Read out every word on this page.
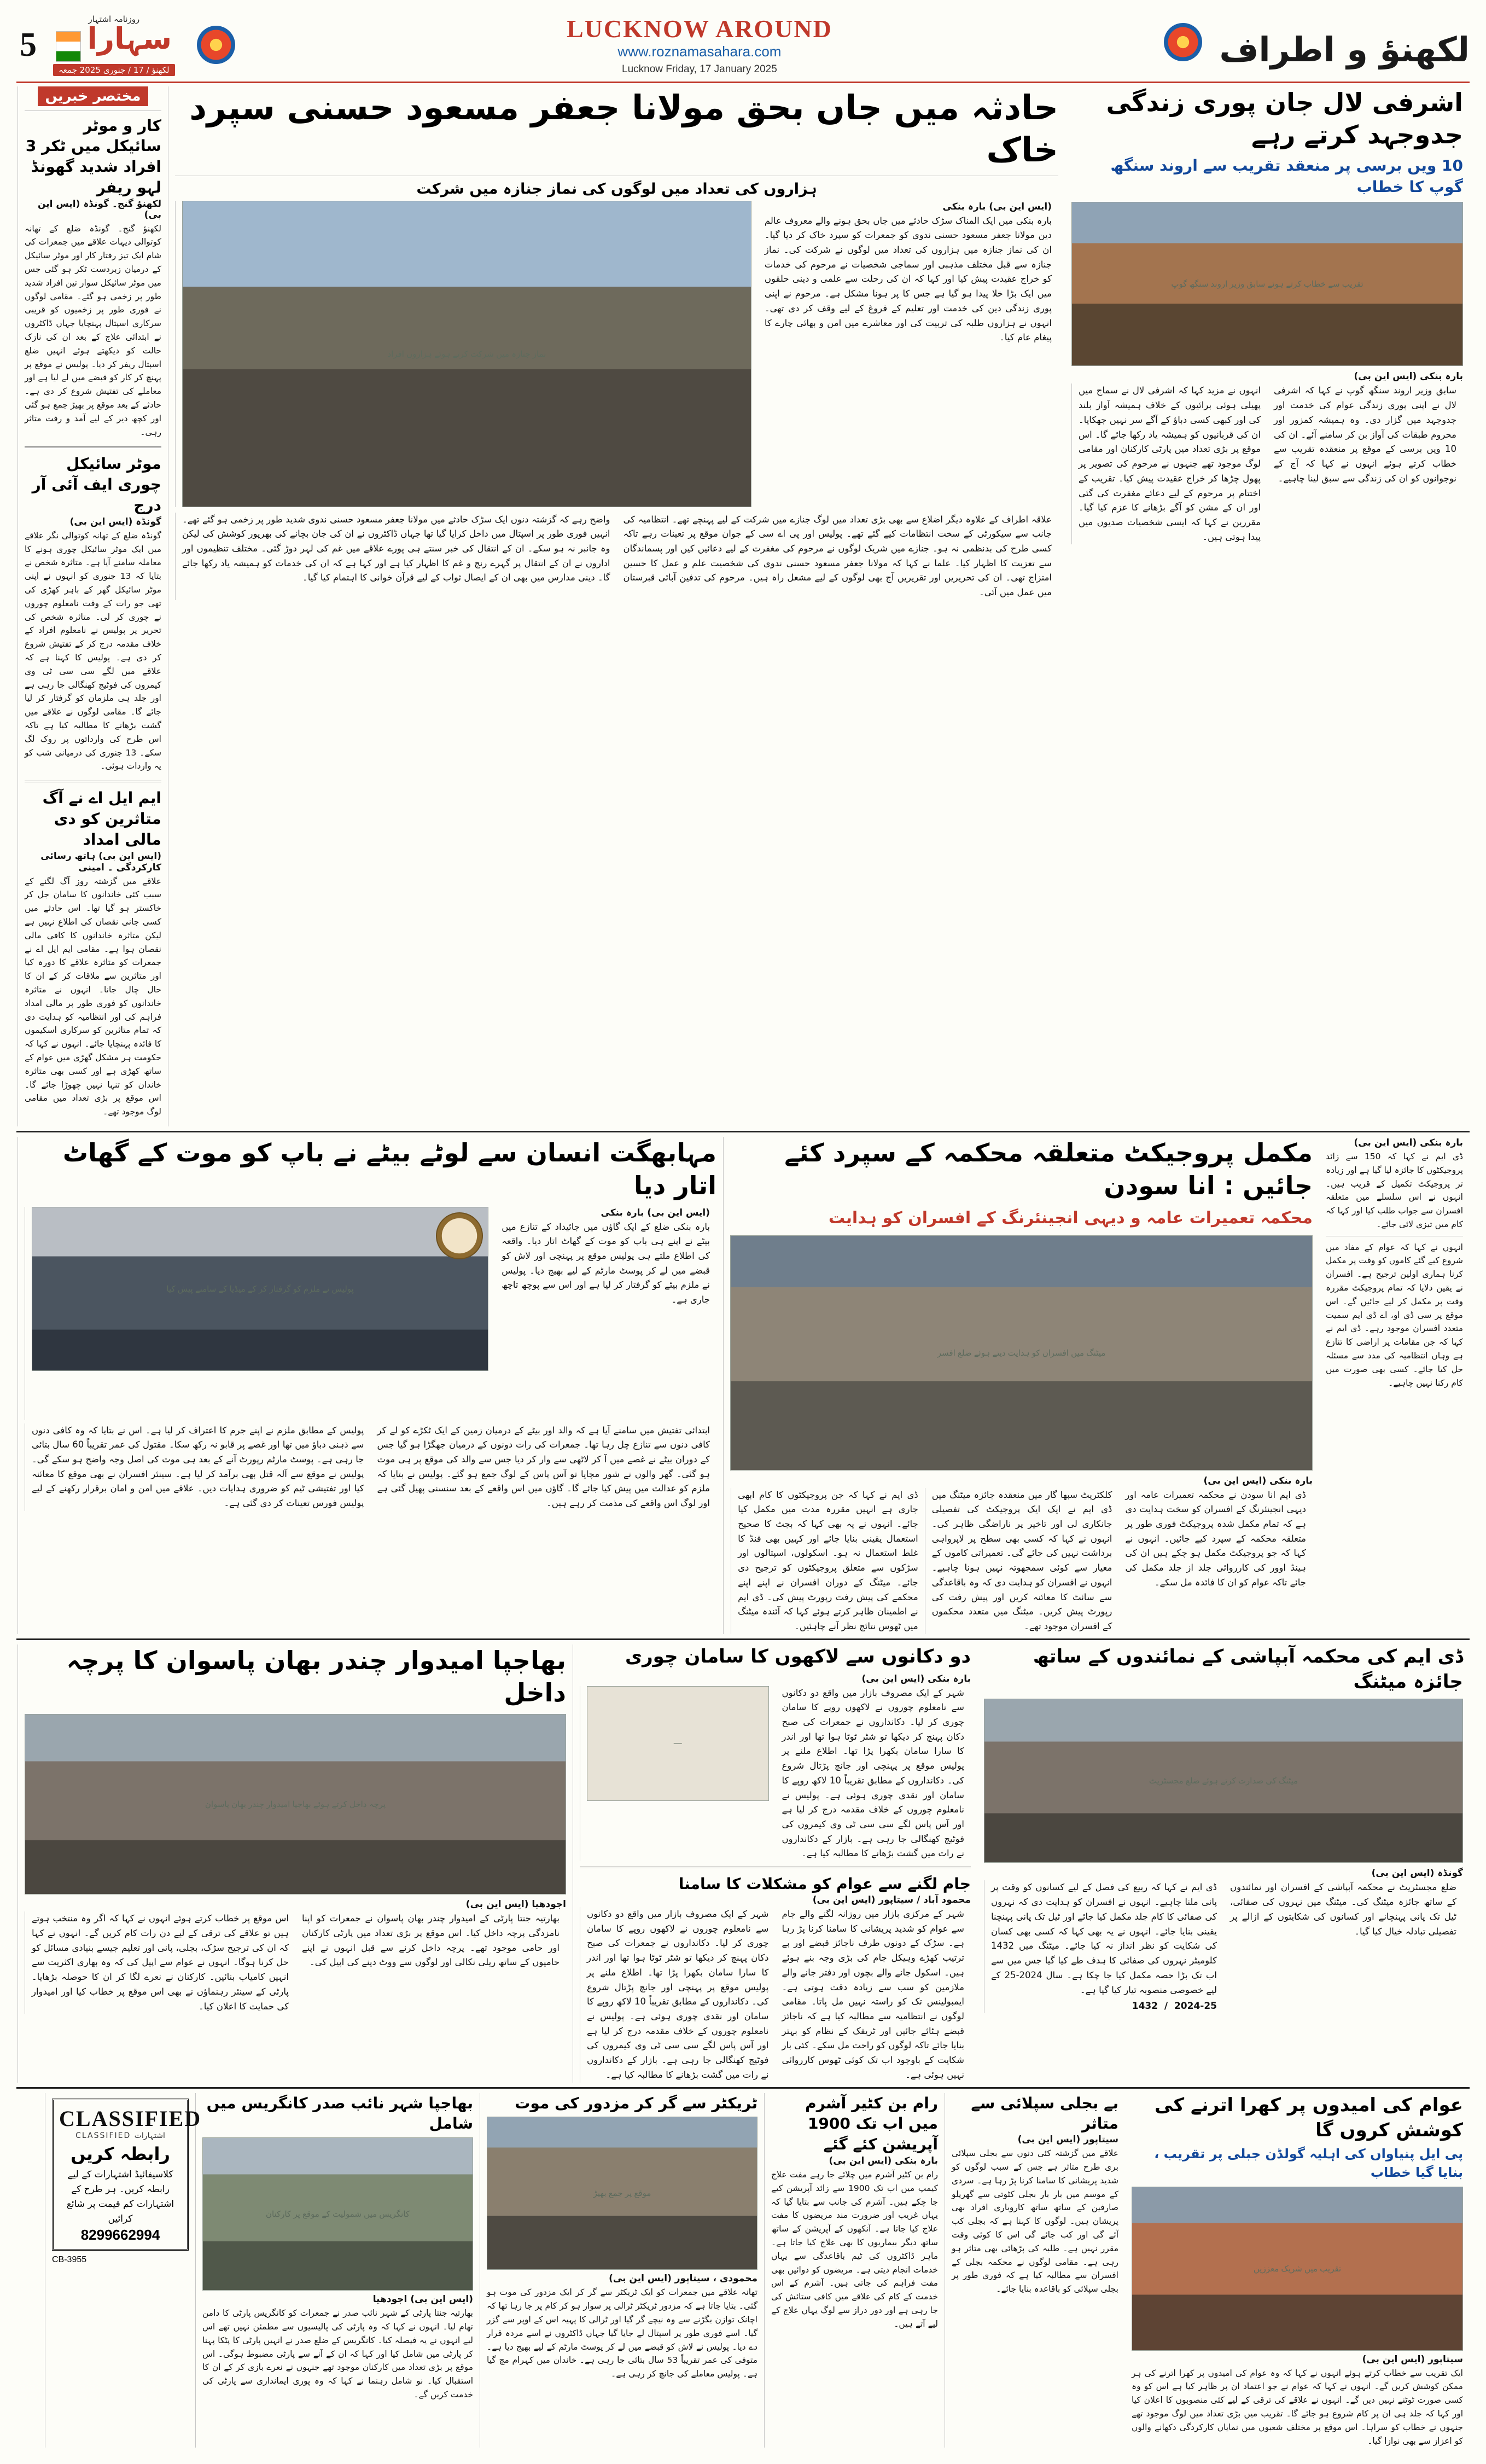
5
روزنامہ اشتہار
سہارا
لکھنؤ / 17 / جنوری 2025 جمعہ
LUCKNOW AROUND
www.roznamasahara.com
Lucknow Friday, 17 January 2025	لکھنؤ و اطراف
اشرفی لال جان پوری زندگی جدوجہد کرتے رہے
10 ویں برسی پر منعقد تقریب سے اروند سنگھ گوپ کا خطاب
تقریب سے خطاب کرتے ہوئے سابق وزیر اروند سنگھ گوپ
بارہ بنکی (ایس این بی)
سابق وزیر اروند سنگھ گوپ نے کہا کہ اشرفی لال نے اپنی پوری زندگی عوام کی خدمت اور جدوجہد میں گزار دی۔ وہ ہمیشہ کمزور اور محروم طبقات کی آواز بن کر سامنے آئے۔ ان کی 10 ویں برسی کے موقع پر منعقدہ تقریب سے خطاب کرتے ہوئے انہوں نے کہا کہ آج کے نوجوانوں کو ان کی زندگی سے سبق لینا چاہیے۔
انہوں نے مزید کہا کہ اشرفی لال نے سماج میں پھیلی ہوئی برائیوں کے خلاف ہمیشہ آواز بلند کی اور کبھی کسی دباؤ کے آگے سر نہیں جھکایا۔ ان کی قربانیوں کو ہمیشہ یاد رکھا جائے گا۔ اس موقع پر بڑی تعداد میں پارٹی کارکنان اور مقامی لوگ موجود تھے جنہوں نے مرحوم کی تصویر پر پھول چڑھا کر خراج عقیدت پیش کیا۔ تقریب کے اختتام پر مرحوم کے لیے دعائے مغفرت کی گئی اور ان کے مشن کو آگے بڑھانے کا عزم کیا گیا۔ مقررین نے کہا کہ ایسی شخصیات صدیوں میں پیدا ہوتی ہیں۔
حادثہ میں جاں بحق مولانا جعفر مسعود حسنی سپرد خاک
ہزاروں کی تعداد میں لوگوں کی نماز جنازہ میں شرکت
(ایس این بی) بارہ بنکی
بارہ بنکی میں ایک المناک سڑک حادثے میں جاں بحق ہونے والے معروف عالم دین مولانا جعفر مسعود حسنی ندوی کو جمعرات کو سپرد خاک کر دیا گیا۔ ان کی نماز جنازہ میں ہزاروں کی تعداد میں لوگوں نے شرکت کی۔ نماز جنازہ سے قبل مختلف مذہبی اور سماجی شخصیات نے مرحوم کی خدمات کو خراج عقیدت پیش کیا اور کہا کہ ان کی رحلت سے علمی و دینی حلقوں میں ایک بڑا خلا پیدا ہو گیا ہے جس کا پر ہونا مشکل ہے۔ مرحوم نے اپنی پوری زندگی دین کی خدمت اور تعلیم کے فروغ کے لیے وقف کر دی تھی۔ انہوں نے ہزاروں طلبہ کی تربیت کی اور معاشرے میں امن و بھائی چارے کا پیغام عام کیا۔
نماز جنازہ میں شرکت کرتے ہوئے ہزاروں افراد
علاقہ اطراف کے علاوہ دیگر اضلاع سے بھی بڑی تعداد میں لوگ جنازے میں شرکت کے لیے پہنچے تھے۔ انتظامیہ کی جانب سے سیکورٹی کے سخت انتظامات کیے گئے تھے۔ پولیس اور پی اے سی کے جوان موقع پر تعینات رہے تاکہ کسی طرح کی بدنظمی نہ ہو۔ جنازے میں شریک لوگوں نے مرحوم کی مغفرت کے لیے دعائیں کیں اور پسماندگان سے تعزیت کا اظہار کیا۔ علما نے کہا کہ مولانا جعفر مسعود حسنی ندوی کی شخصیت علم و عمل کا حسین امتزاج تھی۔ ان کی تحریریں اور تقریریں آج بھی لوگوں کے لیے مشعل راہ ہیں۔ مرحوم کی تدفین آبائی قبرستان میں عمل میں آئی۔
واضح رہے کہ گزشتہ دنوں ایک سڑک حادثے میں مولانا جعفر مسعود حسنی ندوی شدید طور پر زخمی ہو گئے تھے۔ انہیں فوری طور پر اسپتال میں داخل کرایا گیا تھا جہاں ڈاکٹروں نے ان کی جان بچانے کی بھرپور کوشش کی لیکن وہ جانبر نہ ہو سکے۔ ان کے انتقال کی خبر سنتے ہی پورے علاقے میں غم کی لہر دوڑ گئی۔ مختلف تنظیموں اور اداروں نے ان کے انتقال پر گہرے رنج و غم کا اظہار کیا ہے اور کہا ہے کہ ان کی خدمات کو ہمیشہ یاد رکھا جائے گا۔ دینی مدارس میں بھی ان کے ایصال ثواب کے لیے قرآن خوانی کا اہتمام کیا گیا۔
مختصر خبریں
کار و موٹر سائیکل میں ٹکر 3 افراد شدید گھونڈ لہو ریفر
لکھنؤ گنج۔ گونڈہ (ایس این بی)
لکھنؤ گنج۔ گونڈہ ضلع کے تھانہ کوتوالی دیہات علاقے میں جمعرات کی شام ایک تیز رفتار کار اور موٹر سائیکل کے درمیان زبردست ٹکر ہو گئی جس میں موٹر سائیکل سوار تین افراد شدید طور پر زخمی ہو گئے۔ مقامی لوگوں نے فوری طور پر زخمیوں کو قریبی سرکاری اسپتال پہنچایا جہاں ڈاکٹروں نے ابتدائی علاج کے بعد ان کی نازک حالت کو دیکھتے ہوئے انہیں ضلع اسپتال ریفر کر دیا۔ پولیس نے موقع پر پہنچ کر کار کو قبضے میں لے لیا ہے اور معاملے کی تفتیش شروع کر دی ہے۔ حادثے کے بعد موقع پر بھیڑ جمع ہو گئی اور کچھ دیر کے لیے آمد و رفت متاثر رہی۔
موٹر سائیکل چوری ایف آئی آر درج
گونڈہ (ایس این بی)
گونڈہ ضلع کے تھانہ کوتوالی نگر علاقے میں ایک موٹر سائیکل چوری ہونے کا معاملہ سامنے آیا ہے۔ متاثرہ شخص نے بتایا کہ 13 جنوری کو انہوں نے اپنی موٹر سائیکل گھر کے باہر کھڑی کی تھی جو رات کے وقت نامعلوم چوروں نے چوری کر لی۔ متاثرہ شخص کی تحریر پر پولیس نے نامعلوم افراد کے خلاف مقدمہ درج کر کے تفتیش شروع کر دی ہے۔ پولیس کا کہنا ہے کہ علاقے میں لگے سی سی ٹی وی کیمروں کی فوٹیج کھنگالی جا رہی ہے اور جلد ہی ملزمان کو گرفتار کر لیا جائے گا۔ مقامی لوگوں نے علاقے میں گشت بڑھانے کا مطالبہ کیا ہے تاکہ اس طرح کی وارداتوں پر روک لگ سکے۔ 13 جنوری کی درمیانی شب کو یہ واردات ہوئی۔
ایم ایل اے نے آگ متاثرین کو دی مالی امداد
(ایس این بی) ہاتھ رسائی کارکردگی ۔ امینی
علاقے میں گزشتہ روز آگ لگنے کے سبب کئی خاندانوں کا سامان جل کر خاکستر ہو گیا تھا۔ اس حادثے میں کسی جانی نقصان کی اطلاع نہیں ہے لیکن متاثرہ خاندانوں کا کافی مالی نقصان ہوا ہے۔ مقامی ایم ایل اے نے جمعرات کو متاثرہ علاقے کا دورہ کیا اور متاثرین سے ملاقات کر کے ان کا حال چال جانا۔ انہوں نے متاثرہ خاندانوں کو فوری طور پر مالی امداد فراہم کی اور انتظامیہ کو ہدایت دی کہ تمام متاثرین کو سرکاری اسکیموں کا فائدہ پہنچایا جائے۔ انہوں نے کہا کہ حکومت ہر مشکل گھڑی میں عوام کے ساتھ کھڑی ہے اور کسی بھی متاثرہ خاندان کو تنہا نہیں چھوڑا جائے گا۔ اس موقع پر بڑی تعداد میں مقامی لوگ موجود تھے۔
بارہ بنکی (ایس این بی)
ڈی ایم نے کہا کہ 150 سے زائد پروجیکٹوں کا جائزہ لیا گیا ہے اور زیادہ تر پروجیکٹ تکمیل کے قریب ہیں۔ انہوں نے اس سلسلے میں متعلقہ افسران سے جواب طلب کیا اور کہا کہ کام میں تیزی لائی جائے۔
انہوں نے کہا کہ عوام کے مفاد میں شروع کیے گئے کاموں کو وقت پر مکمل کرنا ہماری اولین ترجیح ہے۔ افسران نے یقین دلایا کہ تمام پروجیکٹ مقررہ وقت پر مکمل کر لیے جائیں گے۔ اس موقع پر سی ڈی او، اے ڈی ایم سمیت متعدد افسران موجود رہے۔ ڈی ایم نے کہا کہ جن مقامات پر اراضی کا تنازع ہے وہاں انتظامیہ کی مدد سے مسئلہ حل کیا جائے۔ کسی بھی صورت میں کام رکنا نہیں چاہیے۔
مکمل پروجیکٹ متعلقہ محکمہ کے سپرد کئے جائیں : انا سودن
محکمہ تعمیرات عامہ و دیہی انجینئرنگ کے افسران کو ہدایت
میٹنگ میں افسران کو ہدایت دیتے ہوئے ضلع افسر
بارہ بنکی (ایس این بی)
ڈی ایم انا سودن نے محکمہ تعمیرات عامہ اور دیہی انجینئرنگ کے افسران کو سخت ہدایت دی ہے کہ تمام مکمل شدہ پروجیکٹ فوری طور پر متعلقہ محکمہ کے سپرد کیے جائیں۔ انہوں نے کہا کہ جو پروجیکٹ مکمل ہو چکے ہیں ان کی ہینڈ اوور کی کارروائی جلد از جلد مکمل کی جائے تاکہ عوام کو ان کا فائدہ مل سکے۔
کلکٹریٹ سبھا گار میں منعقدہ جائزہ میٹنگ میں ڈی ایم نے ایک ایک پروجیکٹ کی تفصیلی جانکاری لی اور تاخیر پر ناراضگی ظاہر کی۔ انہوں نے کہا کہ کسی بھی سطح پر لاپرواہی برداشت نہیں کی جائے گی۔ تعمیراتی کاموں کے معیار سے کوئی سمجھوتہ نہیں ہونا چاہیے۔ انہوں نے افسران کو ہدایت دی کہ وہ باقاعدگی سے سائٹ کا معائنہ کریں اور پیش رفت کی رپورٹ پیش کریں۔ میٹنگ میں متعدد محکموں کے افسران موجود تھے۔
ڈی ایم نے کہا کہ جن پروجیکٹوں کا کام ابھی جاری ہے انہیں مقررہ مدت میں مکمل کیا جائے۔ انہوں نے یہ بھی کہا کہ بجٹ کا صحیح استعمال یقینی بنایا جائے اور کہیں بھی فنڈ کا غلط استعمال نہ ہو۔ اسکولوں، اسپتالوں اور سڑکوں سے متعلق پروجیکٹوں کو ترجیح دی جائے۔ میٹنگ کے دوران افسران نے اپنے اپنے محکمے کی پیش رفت رپورٹ پیش کی۔ ڈی ایم نے اطمینان ظاہر کرتے ہوئے کہا کہ آئندہ میٹنگ میں ٹھوس نتائج نظر آنے چاہئیں۔
مہابھگت انسان سے لوٹے بیٹے نے باپ کو موت کے گھاٹ اتار دیا
(ایس این بی) بارہ بنکی
بارہ بنکی ضلع کے ایک گاؤں میں جائیداد کے تنازع میں بیٹے نے اپنے ہی باپ کو موت کے گھاٹ اتار دیا۔ واقعہ کی اطلاع ملتے ہی پولیس موقع پر پہنچی اور لاش کو قبضے میں لے کر پوسٹ مارٹم کے لیے بھیج دیا۔ پولیس نے ملزم بیٹے کو گرفتار کر لیا ہے اور اس سے پوچھ تاچھ جاری ہے۔
پولیس نے ملزم کو گرفتار کر کے میڈیا کے سامنے پیش کیا
ابتدائی تفتیش میں سامنے آیا ہے کہ والد اور بیٹے کے درمیان زمین کے ایک ٹکڑے کو لے کر کافی دنوں سے تنازع چل رہا تھا۔ جمعرات کی رات دونوں کے درمیان جھگڑا ہو گیا جس کے دوران بیٹے نے غصے میں آ کر لاٹھی سے وار کر دیا جس سے والد کی موقع پر ہی موت ہو گئی۔ گھر والوں نے شور مچایا تو آس پاس کے لوگ جمع ہو گئے۔ پولیس نے بتایا کہ ملزم کو عدالت میں پیش کیا جائے گا۔ گاؤں میں اس واقعے کے بعد سنسنی پھیل گئی ہے اور لوگ اس واقعے کی مذمت کر رہے ہیں۔
پولیس کے مطابق ملزم نے اپنے جرم کا اعتراف کر لیا ہے۔ اس نے بتایا کہ وہ کافی دنوں سے ذہنی دباؤ میں تھا اور غصے پر قابو نہ رکھ سکا۔ مقتول کی عمر تقریباً 60 سال بتائی جا رہی ہے۔ پوسٹ مارٹم رپورٹ آنے کے بعد ہی موت کی اصل وجہ واضح ہو سکے گی۔ پولیس نے موقع سے آلہ قتل بھی برآمد کر لیا ہے۔ سینئر افسران نے بھی موقع کا معائنہ کیا اور تفتیشی ٹیم کو ضروری ہدایات دیں۔ علاقے میں امن و امان برقرار رکھنے کے لیے پولیس فورس تعینات کر دی گئی ہے۔
ڈی ایم کی محکمہ آبپاشی کے نمائندوں کے ساتھ جائزہ میٹنگ
میٹنگ کی صدارت کرتے ہوئے ضلع مجسٹریٹ
گونڈہ (ایس این بی)
ضلع مجسٹریٹ نے محکمہ آبپاشی کے افسران اور نمائندوں کے ساتھ جائزہ میٹنگ کی۔ میٹنگ میں نہروں کی صفائی، ٹیل تک پانی پہنچانے اور کسانوں کی شکایتوں کے ازالے پر تفصیلی تبادلہ خیال کیا گیا۔
ڈی ایم نے کہا کہ ربیع کی فصل کے لیے کسانوں کو وقت پر پانی ملنا چاہیے۔ انہوں نے افسران کو ہدایت دی کہ نہروں کی صفائی کا کام جلد مکمل کیا جائے اور ٹیل تک پانی پہنچنا یقینی بنایا جائے۔ انہوں نے یہ بھی کہا کہ کسی بھی کسان کی شکایت کو نظر انداز نہ کیا جائے۔ میٹنگ میں 1432 کلومیٹر نہروں کی صفائی کا ہدف طے کیا گیا جس میں سے اب تک بڑا حصہ مکمل کیا جا چکا ہے۔ سال 2024-25 کے لیے خصوصی منصوبہ تیار کیا گیا ہے۔
2024-25  /  1432
دو دکانوں سے لاکھوں کا سامان چوری
بارہ بنکی (ایس این بی)
شہر کے ایک مصروف بازار میں واقع دو دکانوں سے نامعلوم چوروں نے لاکھوں روپے کا سامان چوری کر لیا۔ دکانداروں نے جمعرات کی صبح دکان پہنچ کر دیکھا تو شٹر ٹوٹا ہوا تھا اور اندر کا سارا سامان بکھرا پڑا تھا۔ اطلاع ملنے پر پولیس موقع پر پہنچی اور جانچ پڑتال شروع کی۔ دکانداروں کے مطابق تقریباً 10 لاکھ روپے کا سامان اور نقدی چوری ہوئی ہے۔ پولیس نے نامعلوم چوروں کے خلاف مقدمہ درج کر لیا ہے اور آس پاس لگے سی سی ٹی وی کیمروں کی فوٹیج کھنگالی جا رہی ہے۔ بازار کے دکانداروں نے رات میں گشت بڑھانے کا مطالبہ کیا ہے۔
—
جام لگنے سے عوام کو مشکلات کا سامنا
محمود آباد / سیتاپور (ایس این بی)
شہر کے مرکزی بازار میں روزانہ لگنے والے جام سے عوام کو شدید پریشانی کا سامنا کرنا پڑ رہا ہے۔ سڑک کے دونوں طرف ناجائز قبضے اور بے ترتیب کھڑے وہیکل جام کی بڑی وجہ بنے ہوئے ہیں۔ اسکول جانے والے بچوں اور دفتر جانے والے ملازمین کو سب سے زیادہ دقت ہوتی ہے۔ ایمبولینس تک کو راستہ نہیں مل پاتا۔ مقامی لوگوں نے انتظامیہ سے مطالبہ کیا ہے کہ ناجائز قبضے ہٹائے جائیں اور ٹریفک کے نظام کو بہتر بنایا جائے تاکہ لوگوں کو راحت مل سکے۔ کئی بار شکایت کے باوجود اب تک کوئی ٹھوس کارروائی نہیں ہوئی ہے۔
شہر کے ایک مصروف بازار میں واقع دو دکانوں سے نامعلوم چوروں نے لاکھوں روپے کا سامان چوری کر لیا۔ دکانداروں نے جمعرات کی صبح دکان پہنچ کر دیکھا تو شٹر ٹوٹا ہوا تھا اور اندر کا سارا سامان بکھرا پڑا تھا۔ اطلاع ملنے پر پولیس موقع پر پہنچی اور جانچ پڑتال شروع کی۔ دکانداروں کے مطابق تقریباً 10 لاکھ روپے کا سامان اور نقدی چوری ہوئی ہے۔ پولیس نے نامعلوم چوروں کے خلاف مقدمہ درج کر لیا ہے اور آس پاس لگے سی سی ٹی وی کیمروں کی فوٹیج کھنگالی جا رہی ہے۔ بازار کے دکانداروں نے رات میں گشت بڑھانے کا مطالبہ کیا ہے۔
بھاجپا امیدوار چندر بھان پاسوان کا پرچہ داخل
پرچہ داخل کرتے ہوئے بھاجپا امیدوار چندر بھان پاسوان
اجودھیا (ایس این بی)
بھارتیہ جنتا پارٹی کے امیدوار چندر بھان پاسوان نے جمعرات کو اپنا نامزدگی پرچہ داخل کیا۔ اس موقع پر بڑی تعداد میں پارٹی کارکنان اور حامی موجود تھے۔ پرچہ داخل کرنے سے قبل انہوں نے اپنے حامیوں کے ساتھ ریلی نکالی اور لوگوں سے ووٹ دینے کی اپیل کی۔
اس موقع پر خطاب کرتے ہوئے انہوں نے کہا کہ اگر وہ منتخب ہوتے ہیں تو علاقے کی ترقی کے لیے دن رات کام کریں گے۔ انہوں نے کہا کہ ان کی ترجیح سڑک، بجلی، پانی اور تعلیم جیسے بنیادی مسائل کو حل کرنا ہوگا۔ انہوں نے عوام سے اپیل کی کہ وہ بھاری اکثریت سے انہیں کامیاب بنائیں۔ کارکنان نے نعرے لگا کر ان کا حوصلہ بڑھایا۔ پارٹی کے سینئر رہنماؤں نے بھی اس موقع پر خطاب کیا اور امیدوار کی حمایت کا اعلان کیا۔
عوام کی امیدوں پر کھرا اترنے کی کوشش کروں گا
پی ایل پنیاواں کی اہلیہ گولڈن جبلی پر تقریب ، بنایا گیا خطاب
تقریب میں شریک معززین
سیتاپور (ایس این بی)
ایک تقریب سے خطاب کرتے ہوئے انہوں نے کہا کہ وہ عوام کی امیدوں پر کھرا اترنے کی ہر ممکن کوشش کریں گے۔ انہوں نے کہا کہ عوام نے جو اعتماد ان پر ظاہر کیا ہے اس کو وہ کسی صورت ٹوٹنے نہیں دیں گے۔ انہوں نے علاقے کی ترقی کے لیے کئی منصوبوں کا اعلان کیا اور کہا کہ جلد ہی ان پر کام شروع ہو جائے گا۔ تقریب میں بڑی تعداد میں لوگ موجود تھے جنہوں نے خطاب کو سراہا۔ اس موقع پر مختلف شعبوں میں نمایاں کارکردگی دکھانے والوں کو اعزاز سے بھی نوازا گیا۔
بے بجلی سپلائی سے متاثر
سیتاپور (ایس این بی)
علاقے میں گزشتہ کئی دنوں سے بجلی سپلائی بری طرح متاثر ہے جس کے سبب لوگوں کو شدید پریشانی کا سامنا کرنا پڑ رہا ہے۔ سردی کے موسم میں بار بار بجلی کٹوتی سے گھریلو صارفین کے ساتھ ساتھ کاروباری افراد بھی پریشان ہیں۔ لوگوں کا کہنا ہے کہ بجلی کب آئے گی اور کب جائے گی اس کا کوئی وقت مقرر نہیں ہے۔ طلبہ کی پڑھائی بھی متاثر ہو رہی ہے۔ مقامی لوگوں نے محکمہ بجلی کے افسران سے مطالبہ کیا ہے کہ فوری طور پر بجلی سپلائی کو باقاعدہ بنایا جائے۔
رام بن کٹیر آشرم میں اب تک 1900 آپریشن کئے گئے
بارہ بنکی (ایس این بی)
رام بن کٹیر آشرم میں چلائے جا رہے مفت علاج کیمپ میں اب تک 1900 سے زائد آپریشن کیے جا چکے ہیں۔ آشرم کی جانب سے بتایا گیا کہ یہاں غریب اور ضرورت مند مریضوں کا مفت علاج کیا جاتا ہے۔ آنکھوں کے آپریشن کے ساتھ ساتھ دیگر بیماریوں کا بھی علاج کیا جاتا ہے۔ ماہر ڈاکٹروں کی ٹیم باقاعدگی سے یہاں خدمات انجام دیتی ہے۔ مریضوں کو دوائیں بھی مفت فراہم کی جاتی ہیں۔ آشرم کے اس خدمت کے کام کی علاقے میں کافی ستائش کی جا رہی ہے اور دور دراز سے لوگ یہاں علاج کے لیے آتے ہیں۔
ٹریکٹر سے گر کر مزدور کی موت
موقع پر جمع بھیڑ
محمودی ، سیتاپور (ایس این بی)
تھانہ علاقے میں جمعرات کو ایک ٹریکٹر سے گر کر ایک مزدور کی موت ہو گئی۔ بتایا جاتا ہے کہ مزدور ٹریکٹر ٹرالی پر سوار ہو کر کام پر جا رہا تھا کہ اچانک توازن بگڑنے سے وہ نیچے گر گیا اور ٹرالی کا پہیہ اس کے اوپر سے گزر گیا۔ اسے فوری طور پر اسپتال لے جایا گیا جہاں ڈاکٹروں نے اسے مردہ قرار دے دیا۔ پولیس نے لاش کو قبضے میں لے کر پوسٹ مارٹم کے لیے بھیج دیا ہے۔ متوفی کی عمر تقریباً 53 سال بتائی جا رہی ہے۔ خاندان میں کہرام مچ گیا ہے۔ پولیس معاملے کی جانچ کر رہی ہے۔
بھاجپا شہر نائب صدر کانگریس میں شامل
کانگریس میں شمولیت کے موقع پر کارکنان
(ایس این بی) اجودھیا
بھارتیہ جنتا پارٹی کے شہر نائب صدر نے جمعرات کو کانگریس پارٹی کا دامن تھام لیا۔ انہوں نے کہا کہ وہ پارٹی کی پالیسیوں سے مطمئن نہیں تھے اس لیے انہوں نے یہ فیصلہ کیا۔ کانگریس کے ضلع صدر نے انہیں پارٹی کا پٹکا پہنا کر پارٹی میں شامل کیا اور کہا کہ ان کے آنے سے پارٹی مضبوط ہوگی۔ اس موقع پر بڑی تعداد میں کارکنان موجود تھے جنہوں نے نعرے بازی کر کے ان کا استقبال کیا۔ نو شامل رہنما نے کہا کہ وہ پوری ایمانداری سے پارٹی کی خدمت کریں گے۔
CLASSIFIED
CLASSIFIED اشتہارات
رابطہ کریں
کلاسیفائیڈ اشتہارات کے لیے رابطہ کریں۔ ہر طرح کے اشتہارات کم قیمت پر شائع کرائیں
8299662994
CB-3955
